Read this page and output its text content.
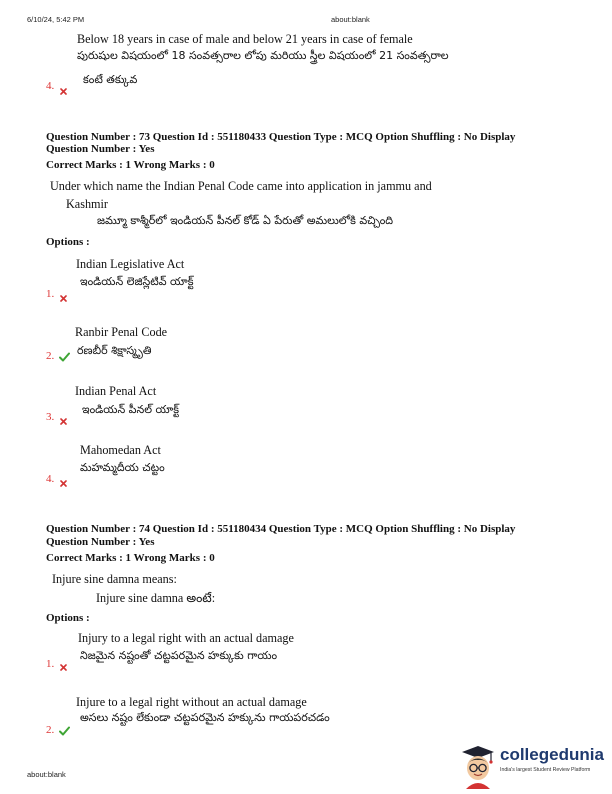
6/10/24, 5:42 PM	about:blank
about:blank
Below 18 years in case of male and below 21 years in case of female
పురుషుల విషయంలో 18 సంవత్సరాల లోపు మరియు స్త్రీల విషయంలో 21 సంవత్సరాల
కంటే తక్కువ
4.
Question Number : 73 Question Id : 551180433 Question Type : MCQ Option Shuffling : No Display
Question Number : Yes
Correct Marks : 1 Wrong Marks : 0
Under which name the Indian Penal Code came into application in jammu and
Kashmir
జమ్మూ కాశ్మీర్‌లో ఇండియన్ పీనల్ కోడ్ ఏ పేరుతో అమలులోకి వచ్చింది
Options :
Indian Legislative Act
ఇండియన్ లెజిస్లేటివ్ యాక్ట్
1.
Ranbir Penal Code
రణబీర్ శిక్షాస్మృతి
2.
Indian Penal Act
ఇండియన్ పీనల్ యాక్ట్
3.
Mahomedan Act
మహమ్మదీయ చట్టం
4.
Question Number : 74 Question Id : 551180434 Question Type : MCQ Option Shuffling : No Display
Question Number : Yes
Correct Marks : 1 Wrong Marks : 0
Injure sine damna means:
Injure sine damna అంటే:
Options :
Injury to a legal right with an actual damage
నిజమైన నష్టంతో చట్టపరమైన హక్కుకు గాయం
1.
Injure to a legal right without an actual damage
అసలు నష్టం లేకుండా చట్టపరమైన హక్కును గాయపరచడం
2.
collegedunia
India's largest Student Review Platform
